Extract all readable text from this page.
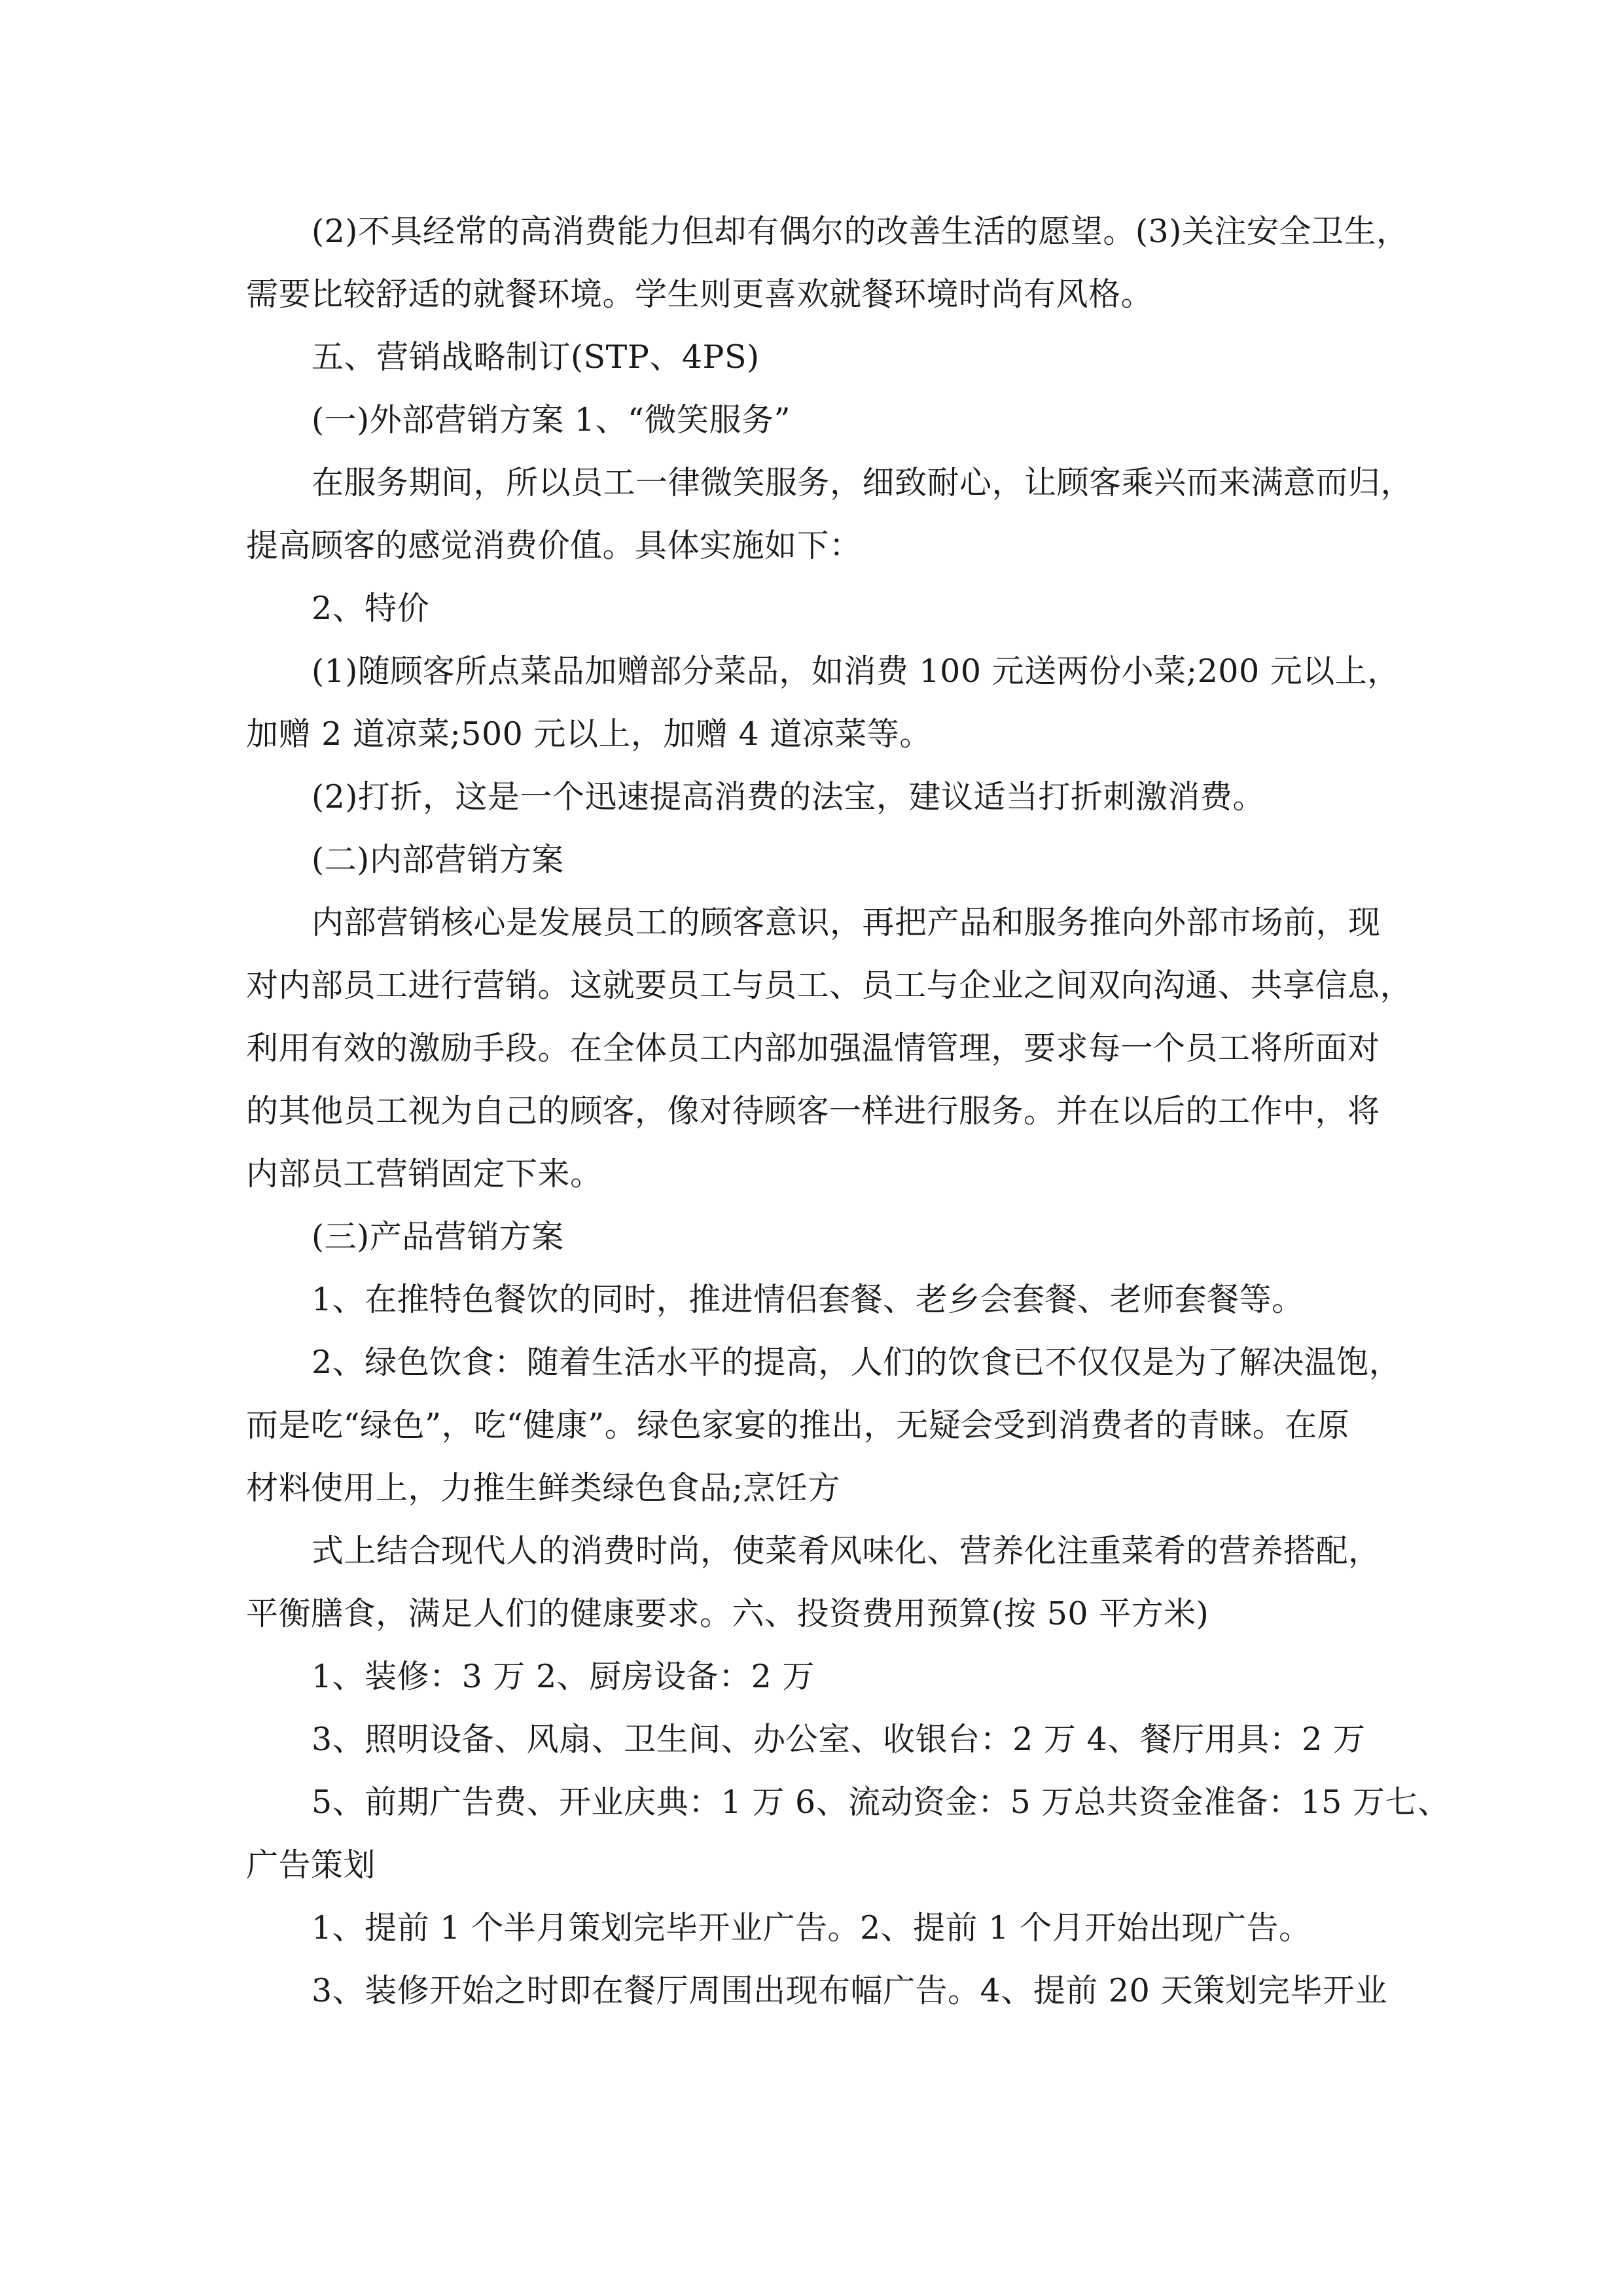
(2)不具经常的高消费能力但却有偶尔的改善生活的愿望。(3)关注安全卫生，
需要比较舒适的就餐环境。学生则更喜欢就餐环境时尚有风格。
五、营销战略制订(STP、4PS)
(一)外部营销方案 1、“微笑服务”
在服务期间，所以员工一律微笑服务，细致耐心，让顾客乘兴而来满意而归，
提高顾客的感觉消费价值。具体实施如下：
2、特价
(1)随顾客所点菜品加赠部分菜品，如消费 100 元送两份小菜;200 元以上，
加赠 2 道凉菜;500 元以上，加赠 4 道凉菜等。
(2)打折，这是一个迅速提高消费的法宝，建议适当打折刺激消费。
(二)内部营销方案
内部营销核心是发展员工的顾客意识，再把产品和服务推向外部市场前，现
对内部员工进行营销。这就要员工与员工、员工与企业之间双向沟通、共享信息，
利用有效的激励手段。在全体员工内部加强温情管理，要求每一个员工将所面对
的其他员工视为自己的顾客，像对待顾客一样进行服务。并在以后的工作中，将
内部员工营销固定下来。
(三)产品营销方案
1、在推特色餐饮的同时，推进情侣套餐、老乡会套餐、老师套餐等。
2、绿色饮食：随着生活水平的提高，人们的饮食已不仅仅是为了解决温饱，
而是吃“绿色”，吃“健康”。绿色家宴的推出，无疑会受到消费者的青睐。在原
材料使用上，力推生鲜类绿色食品;烹饪方
式上结合现代人的消费时尚，使菜肴风味化、营养化注重菜肴的营养搭配，
平衡膳食，满足人们的健康要求。六、投资费用预算(按 50 平方米)
1、装修：3 万 2、厨房设备：2 万
3、照明设备、风扇、卫生间、办公室、收银台：2 万 4、餐厅用具：2 万
5、前期广告费、开业庆典：1 万 6、流动资金：5 万总共资金准备：15 万七、
广告策划
1、提前 1 个半月策划完毕开业广告。2、提前 1 个月开始出现广告。
3、装修开始之时即在餐厅周围出现布幅广告。4、提前 20 天策划完毕开业
